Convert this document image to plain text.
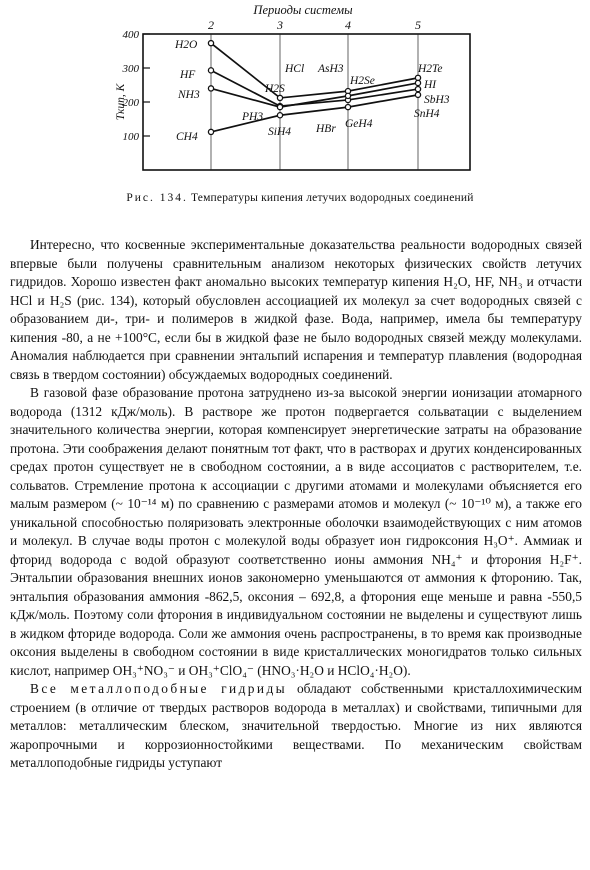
2	3	4	5
Периоды системы
400
300
200
100
Tкип, K
H2O
HF
NH3
CH4
HCl AsH3
H2S
H2Se
PH3
SiH4 HBr GeH4
H2Te
HI
SbH3
SnH4
Рис. 134. Температуры кипения летучих водородных соединений

Интересно, что косвенные экспериментальные доказательства реальности водородных связей впервые были получены сравнительным анализом некоторых физических свойств летучих гидридов. Хорошо известен факт аномально высоких температур кипения H₂O, HF, NH₃ и отчасти HCl и H₂S (рис. 134), который обусловлен ассоциацией их молекул за счет водородных связей с образованием ди-, три- и полимеров в жидкой фазе. Вода, например, имела бы температуру кипения -80, а не +100°C, если бы в жидкой фазе не было водородных связей между молекулами. Аномалия наблюдается при сравнении энтальпий испарения и температур плавления (водородная связь в твердом состоянии) обсуждаемых водородных соединений.

В газовой фазе образование протона затруднено из-за высокой энергии ионизации атомарного водорода (1312 кДж/моль). В растворе же протон подвергается сольватации с выделением значительного количества энергии, которая компенсирует энергетические затраты на образование протона. Эти соображения делают понятным тот факт, что в растворах и других конденсированных средах протон существует не в свободном состоянии, а в виде ассоциатов с растворителем, т.е. сольватов. Стремление протона к ассоциации с другими атомами и молекулами объясняется его малым размером (~ 10⁻¹⁴ м) по сравнению с размерами атомов и молекул (~ 10⁻¹⁰ м), а также его уникальной способностью поляризовать электронные оболочки взаимодействующих с ним атомов и молекул. В случае воды протон с молекулой воды образует ион гидроксония H₃O⁺. Аммиак и фторид водорода с водой образуют соответственно ионы аммония NH₄⁺ и фторония H₂F⁺. Энтальпии образования внешних ионов закономерно уменьшаются от аммония к фторонию. Так, энтальпия образования аммония -862,5, оксония – 692,8, а фторония еще меньше и равна -550,5 кДж/моль. Поэтому соли фторония в индивидуальном состоянии не выделены и существуют лишь в жидком фториде водорода. Соли же аммония очень распространены, в то время как производные оксония выделены в свободном состоянии в виде кристаллических моногидратов только сильных кислот, например OH₃⁺NO₃⁻ и OH₃⁺ClO₄⁻ (HNO₃·H₂O и HClO₄·H₂O).

Все металлоподобные гидриды обладают собственными кристаллохимическим строением (в отличие от твердых растворов водорода в металлах) и свойствами, типичными для металлов: металлическим блеском, значительной твердостью. Многие из них являются жаропрочными и коррозионностойкими веществами. По механическим свойствам металлоподобные гидриды уступают
